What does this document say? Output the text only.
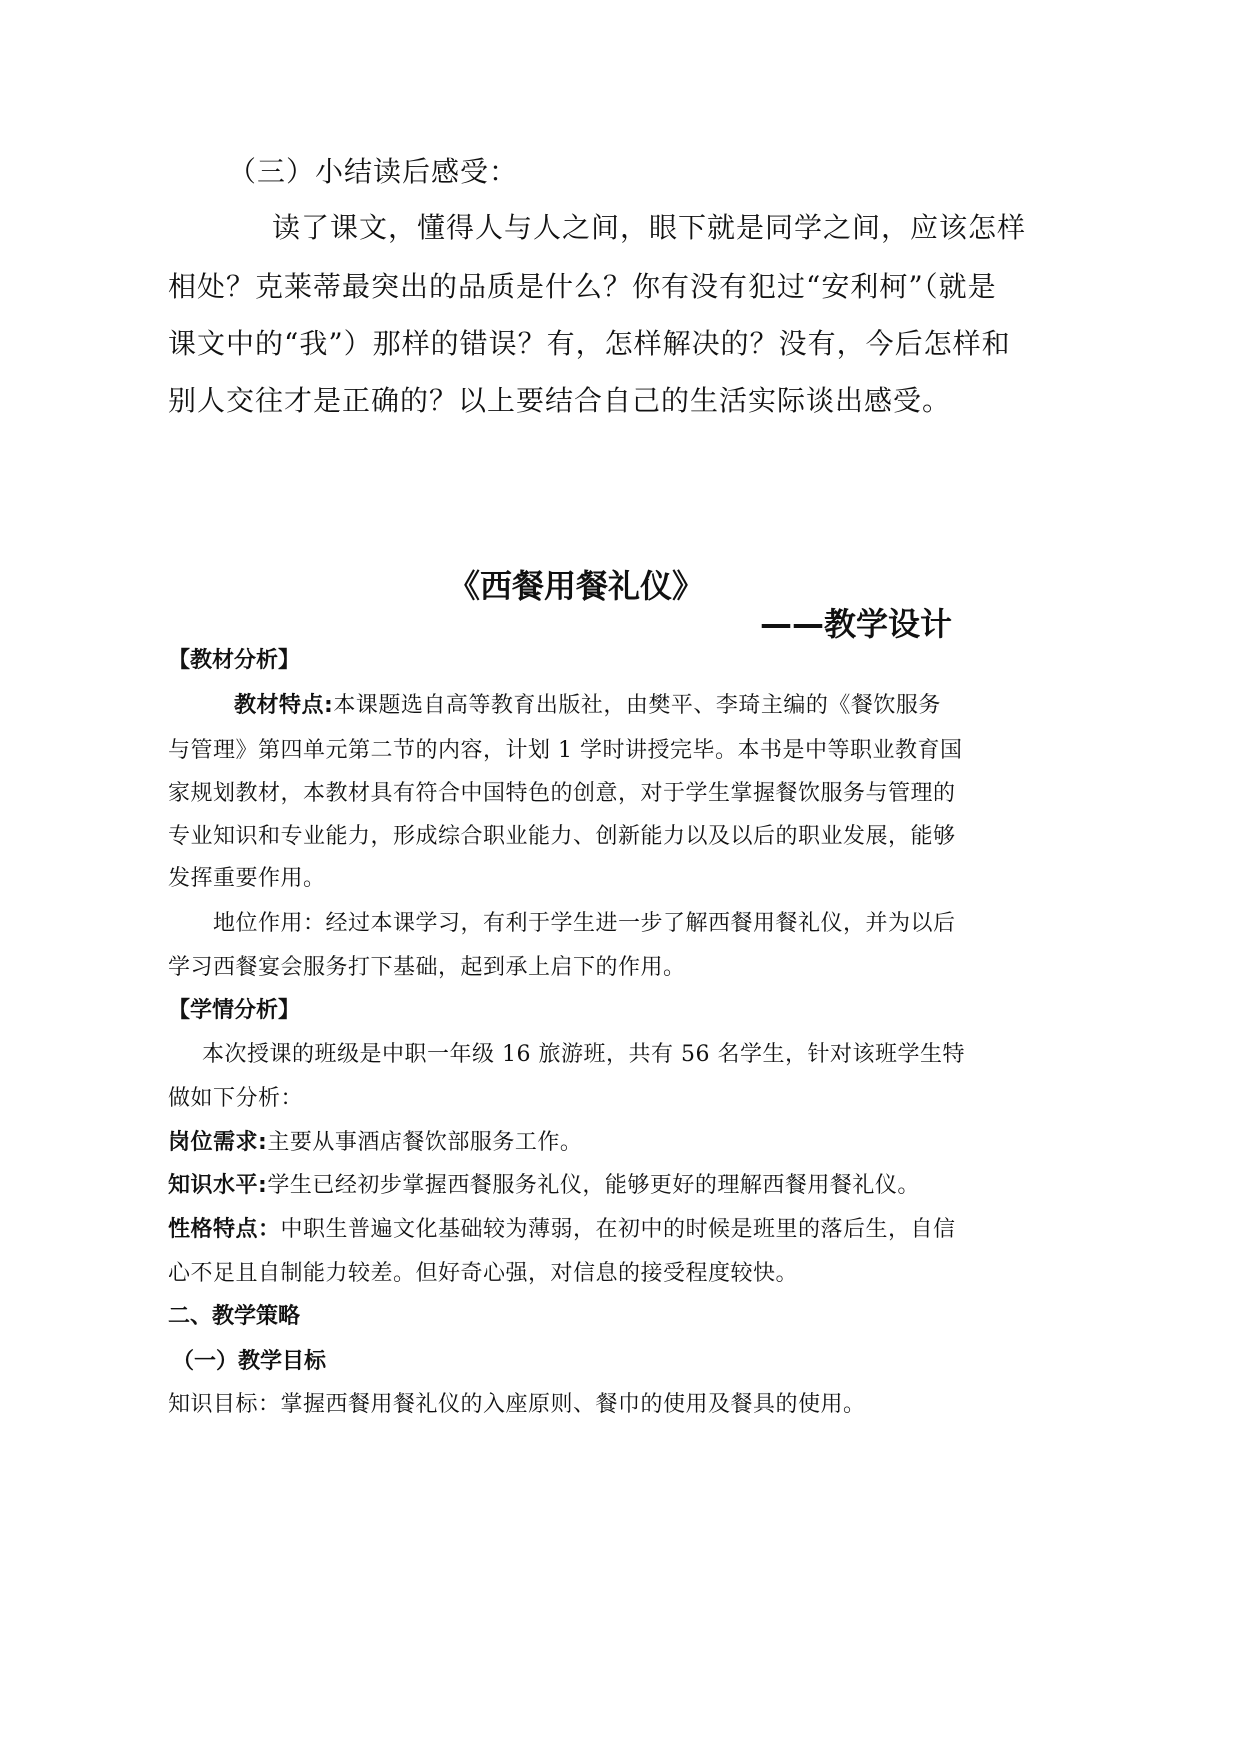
（三）小结读后感受：

读了课文，懂得人与人之间，眼下就是同学之间，应该怎样

相处？克莱蒂最突出的品质是什么？你有没有犯过“安利柯”（就是

课文中的“我”）那样的错误？有，怎样解决的？没有，今后怎样和

别人交往才是正确的？以上要结合自己的生活实际谈出感受。

《西餐用餐礼仪》

——教学设计

【教材分析】

教材特点:本课题选自高等教育出版社，由樊平、李琦主编的《餐饮服务

与管理》第四单元第二节的内容，计划 1 学时讲授完毕。本书是中等职业教育国

家规划教材，本教材具有符合中国特色的创意，对于学生掌握餐饮服务与管理的

专业知识和专业能力，形成综合职业能力、创新能力以及以后的职业发展，能够

发挥重要作用。

地位作用：经过本课学习，有利于学生进一步了解西餐用餐礼仪，并为以后

学习西餐宴会服务打下基础，起到承上启下的作用。

【学情分析】

本次授课的班级是中职一年级 16 旅游班，共有 56 名学生，针对该班学生特

做如下分析：

岗位需求:主要从事酒店餐饮部服务工作。

知识水平:学生已经初步掌握西餐服务礼仪，能够更好的理解西餐用餐礼仪。

性格特点：中职生普遍文化基础较为薄弱，在初中的时候是班里的落后生，自信

心不足且自制能力较差。但好奇心强，对信息的接受程度较快。

二、教学策略

（一）教学目标

知识目标：掌握西餐用餐礼仪的入座原则、餐巾的使用及餐具的使用。
